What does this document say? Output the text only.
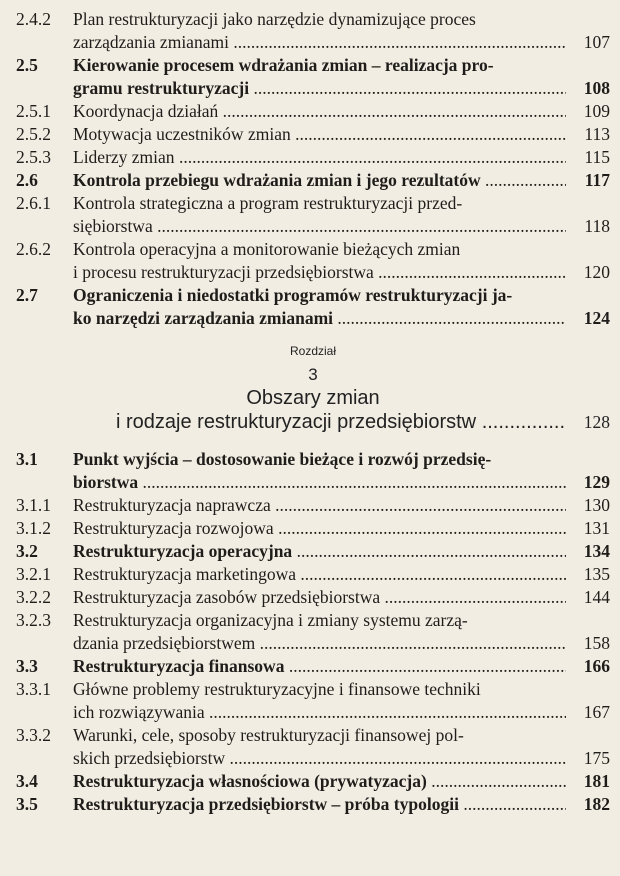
2.4.2	Plan restrukturyzacji jako narzędzie dynamizujące proces
zarządzania zmianami .....	107
2.5	Kierowanie procesem wdrażania zmian – realizacja pro-
gramu restrukturyzacji .....	108
2.5.1	Koordynacja działań .....	109
2.5.2	Motywacja uczestników zmian .....	113
2.5.3	Liderzy zmian .....	115
2.6	Kontrola przebiegu wdrażania zmian i jego rezultatów .....	117
2.6.1	Kontrola strategiczna a program restrukturyzacji przed-
siębiorstwa .....	118
2.6.2	Kontrola operacyjna a monitorowanie bieżących zmian
i procesu restrukturyzacji przedsiębiorstwa .....	120
2.7	Ograniczenia i niedostatki programów restrukturyzacji ja-
ko narzędzi zarządzania zmianami .....	124
Rozdział
3
Obszary zmian
i rodzaje restrukturyzacji przedsiębiorstw .....	128
3.1	Punkt wyjścia – dostosowanie bieżące i rozwój przedsię-
biorstwa .....	129
3.1.1	Restrukturyzacja naprawcza .....	130
3.1.2	Restrukturyzacja rozwojowa .....	131
3.2	Restrukturyzacja operacyjna .....	134
3.2.1	Restrukturyzacja marketingowa .....	135
3.2.2	Restrukturyzacja zasobów przedsiębiorstwa .....	144
3.2.3	Restrukturyzacja organizacyjna i zmiany systemu zarzą-
dzania przedsiębiorstwem .....	158
3.3	Restrukturyzacja finansowa .....	166
3.3.1	Główne problemy restrukturyzacyjne i finansowe techniki
ich rozwiązywania .....	167
3.3.2	Warunki, cele, sposoby restrukturyzacji finansowej pol-
skich przedsiębiorstw .....	175
3.4	Restrukturyzacja własnościowa (prywatyzacja) .....	181
3.5	Restrukturyzacja przedsiębiorstw – próba typologii .....	182
